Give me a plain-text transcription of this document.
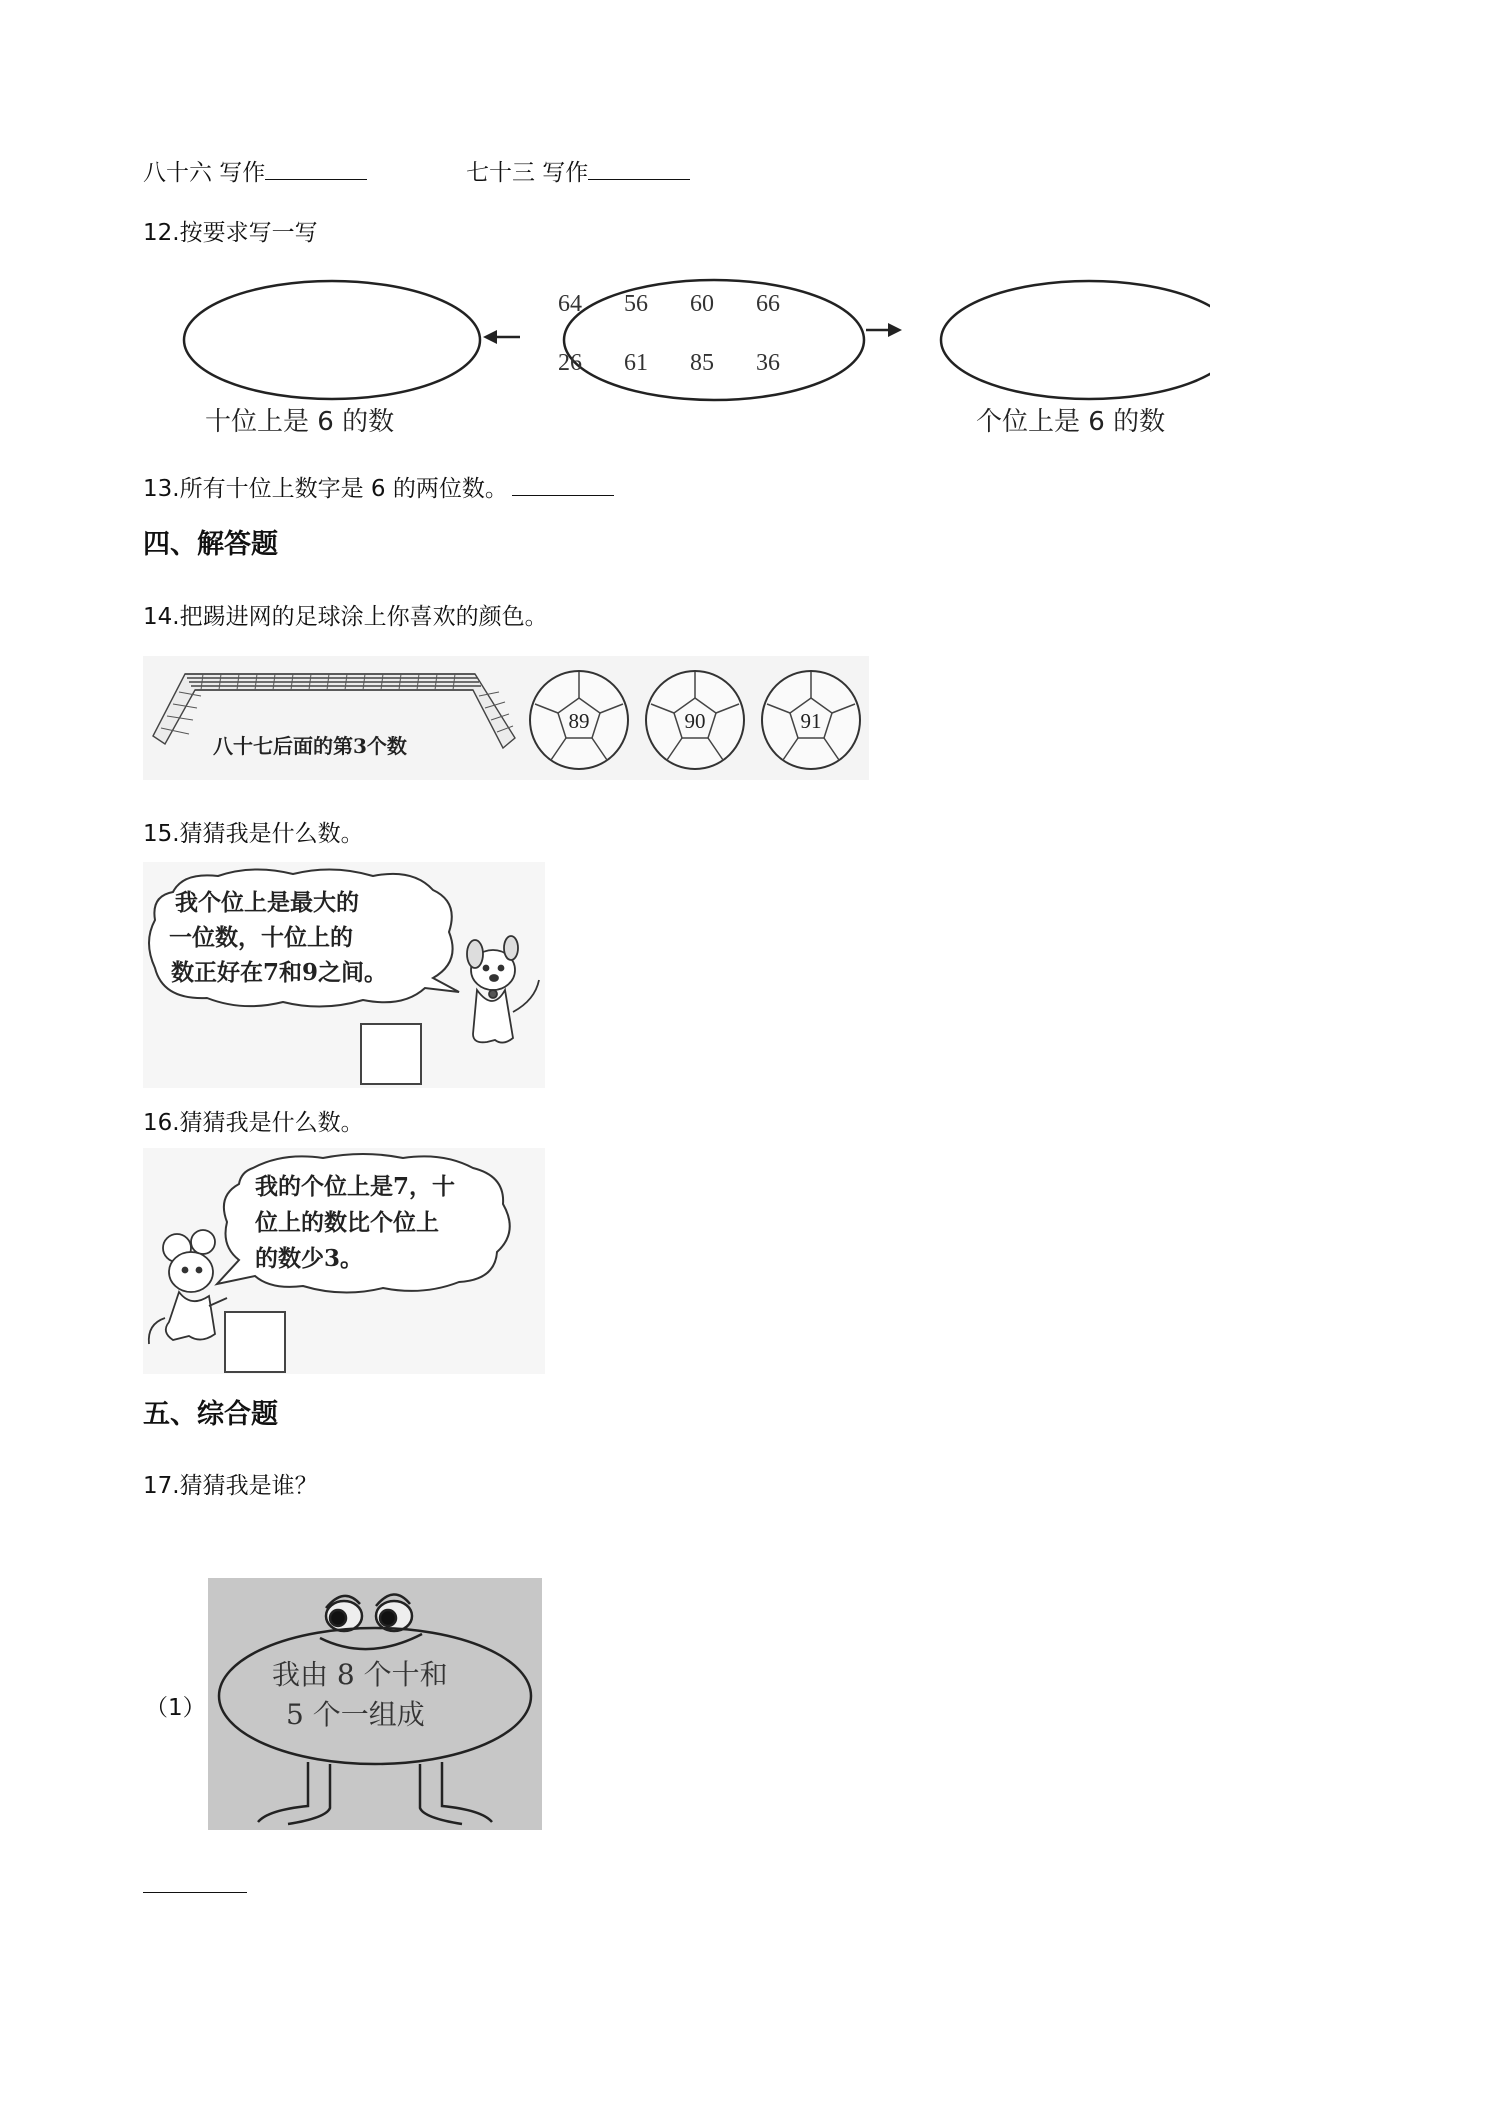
八十六 写作	七十三 写作
12.按要求写一写
64 56 60 66
26 61 85 36
十位上是 6 的数	个位上是 6 的数
13.所有十位上数字是 6 的两位数。
四、解答题
14.把踢进网的足球涂上你喜欢的颜色。
八十七后面的第3个数
89	90	91
15.猜猜我是什么数。
我个位上是最大的
一位数，十位上的
数正好在7和9之间。
16.猜猜我是什么数。
我的个位上是7，十
位上的数比个位上
的数少3。
五、综合题
17.猜猜我是谁？
（1）
我由 8 个十和
5 个一组成
